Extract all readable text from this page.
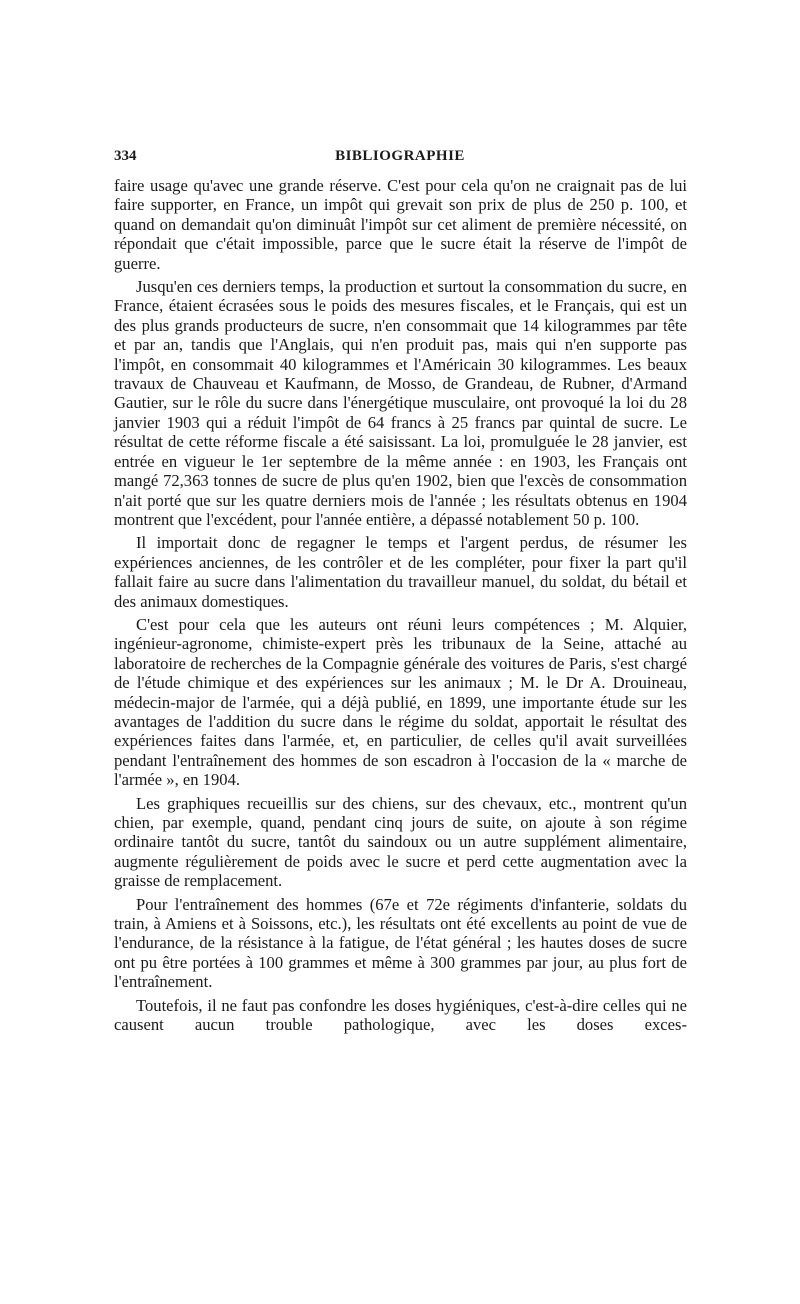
334	BIBLIOGRAPHIE

faire usage qu'avec une grande réserve. C'est pour cela qu'on ne craignait pas de lui faire supporter, en France, un impôt qui grevait son prix de plus de 250 p. 100, et quand on demandait qu'on diminuât l'impôt sur cet aliment de première nécessité, on répondait que c'était impossible, parce que le sucre était la réserve de l'impôt de guerre.

Jusqu'en ces derniers temps, la production et surtout la consommation du sucre, en France, étaient écrasées sous le poids des mesures fiscales, et le Français, qui est un des plus grands producteurs de sucre, n'en consommait que 14 kilogrammes par tête et par an, tandis que l'Anglais, qui n'en produit pas, mais qui n'en supporte pas l'impôt, en consommait 40 kilogrammes et l'Américain 30 kilogrammes. Les beaux travaux de Chauveau et Kaufmann, de Mosso, de Grandeau, de Rubner, d'Armand Gautier, sur le rôle du sucre dans l'énergétique musculaire, ont provoqué la loi du 28 janvier 1903 qui a réduit l'impôt de 64 francs à 25 francs par quintal de sucre. Le résultat de cette réforme fiscale a été saisissant. La loi, promulguée le 28 janvier, est entrée en vigueur le 1er septembre de la même année : en 1903, les Français ont mangé 72,363 tonnes de sucre de plus qu'en 1902, bien que l'excès de consommation n'ait porté que sur les quatre derniers mois de l'année ; les résultats obtenus en 1904 montrent que l'excédent, pour l'année entière, a dépassé notablement 50 p. 100.

Il importait donc de regagner le temps et l'argent perdus, de résumer les expériences anciennes, de les contrôler et de les compléter, pour fixer la part qu'il fallait faire au sucre dans l'alimentation du travailleur manuel, du soldat, du bétail et des animaux domestiques.

C'est pour cela que les auteurs ont réuni leurs compétences ; M. Alquier, ingénieur-agronome, chimiste-expert près les tribunaux de la Seine, attaché au laboratoire de recherches de la Compagnie générale des voitures de Paris, s'est chargé de l'étude chimique et des expériences sur les animaux ; M. le Dr A. Drouineau, médecin-major de l'armée, qui a déjà publié, en 1899, une importante étude sur les avantages de l'addition du sucre dans le régime du soldat, apportait le résultat des expériences faites dans l'armée, et, en particulier, de celles qu'il avait surveillées pendant l'entraînement des hommes de son escadron à l'occasion de la « marche de l'armée », en 1904.

Les graphiques recueillis sur des chiens, sur des chevaux, etc., montrent qu'un chien, par exemple, quand, pendant cinq jours de suite, on ajoute à son régime ordinaire tantôt du sucre, tantôt du saindoux ou un autre supplément alimentaire, augmente régulièrement de poids avec le sucre et perd cette augmentation avec la graisse de remplacement.

Pour l'entraînement des hommes (67e et 72e régiments d'infanterie, soldats du train, à Amiens et à Soissons, etc.), les résultats ont été excellents au point de vue de l'endurance, de la résistance à la fatigue, de l'état général ; les hautes doses de sucre ont pu être portées à 100 grammes et même à 300 grammes par jour, au plus fort de l'entraînement.

Toutefois, il ne faut pas confondre les doses hygiéniques, c'est-à-dire celles qui ne causent aucun trouble pathologique, avec les doses exces-
